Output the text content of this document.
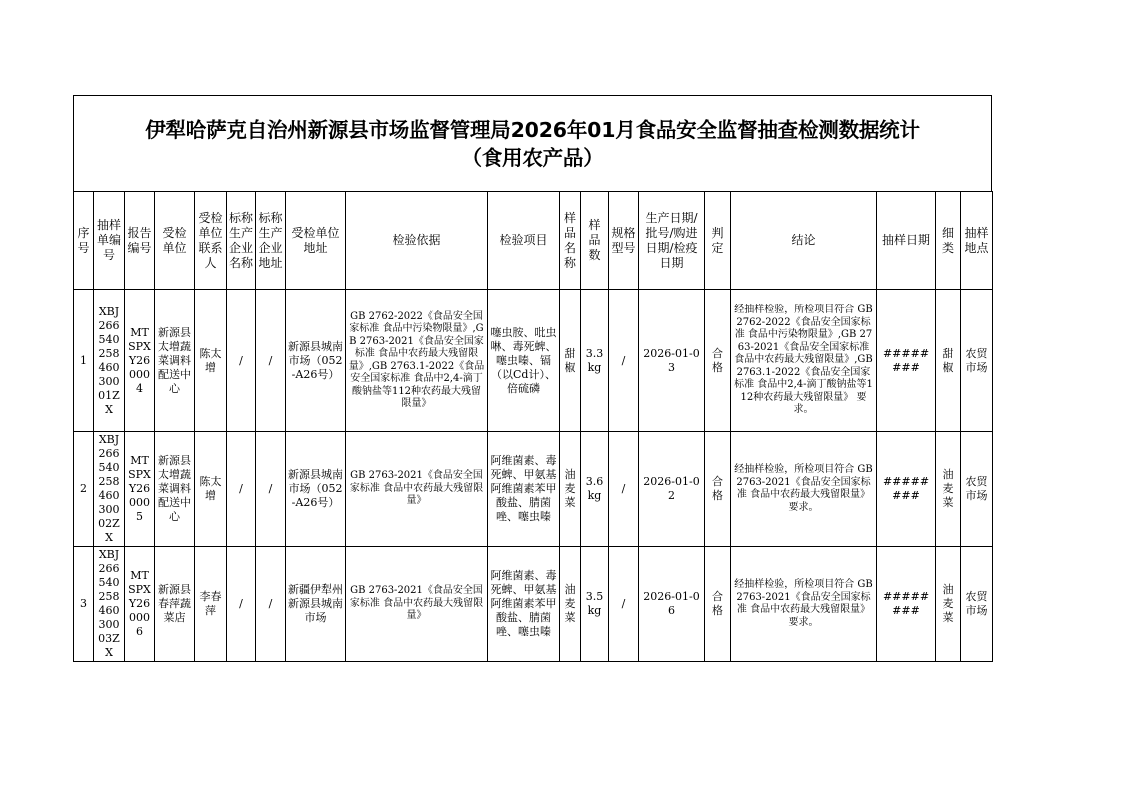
伊犁哈萨克自治州新源县市场监督管理局2026年01月食品安全监督抽查检测数据统计
（食用农产品）
序号	抽样单编号	报告编号	受检单位	受检单位联系人	标称生产企业名称	标称生产企业地址	受检单位地址	检验依据	检验项目	样品名称	样品数	规格型号	生产日期/批号/购进日期/检疫日期	判定	结论	抽样日期	细类	抽样地点
1	XBJ26654025846030001ZX	MTSPXY260004	新源县太增蔬菜调料配送中心	陈太增	/	/	新源县城南市场（052-A26号）	GB 2762-2022《食品安全国家标准 食品中污染物限量》,GB 2763-2021《食品安全国家标准 食品中农药最大残留限量》,GB 2763.1-2022《食品安全国家标准 食品中2,4-滴丁酸钠盐等112种农药最大残留限量》	噻虫胺、吡虫啉、毒死蜱、噻虫嗪、镉（以Cd计）、倍硫磷	甜椒	3.3kg	/	2026-01-03	合格	经抽样检验，所检项目符合 GB 2762-2022《食品安全国家标准 食品中污染物限量》,GB 2763-2021《食品安全国家标准 食品中农药最大残留限量》,GB 2763.1-2022《食品安全国家标准 食品中2,4-滴丁酸钠盐等112种农药最大残留限量》 要求。	########	甜椒	农贸市场
2	XBJ26654025846030002ZX	MTSPXY260005	新源县太增蔬菜调料配送中心	陈太增	/	/	新源县城南市场（052-A26号）	GB 2763-2021《食品安全国家标准 食品中农药最大残留限量》	阿维菌素、毒死蜱、甲氨基阿维菌素苯甲酸盐、腈菌唑、噻虫嗪	油麦菜	3.6kg	/	2026-01-02	合格	经抽样检验，所检项目符合 GB 2763-2021《食品安全国家标准 食品中农药最大残留限量》 要求。	########	油麦菜	农贸市场
3	XBJ26654025846030003ZX	MTSPXY260006	新源县春萍蔬菜店	李春萍	/	/	新疆伊犁州新源县城南市场	GB 2763-2021《食品安全国家标准 食品中农药最大残留限量》	阿维菌素、毒死蜱、甲氨基阿维菌素苯甲酸盐、腈菌唑、噻虫嗪	油麦菜	3.5kg	/	2026-01-06	合格	经抽样检验，所检项目符合 GB 2763-2021《食品安全国家标准 食品中农药最大残留限量》 要求。	########	油麦菜	农贸市场
